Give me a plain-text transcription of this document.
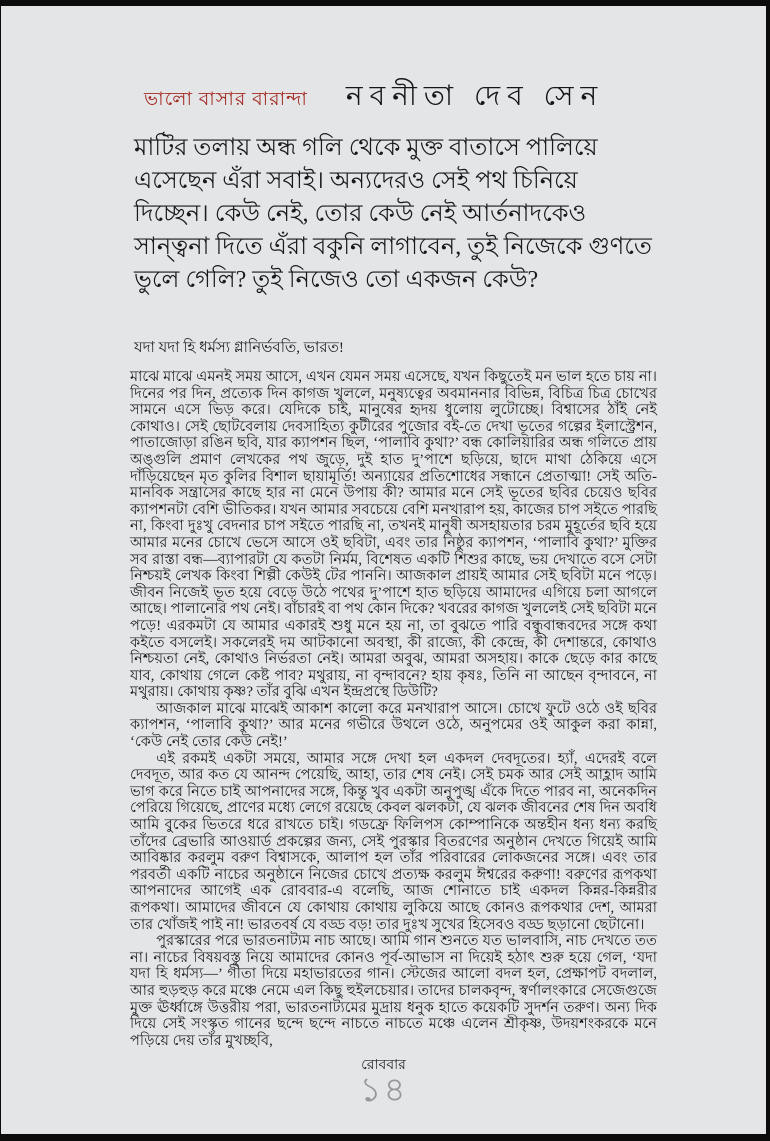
ভালো বাসার বারান্দা নবনীতা দেব সেন
মাটির তলায় অন্ধ গলি থেকে মুক্ত বাতাসে পালিয়ে এসেছেন এঁরা সবাই। অন্যদেরও সেই পথ চিনিয়ে দিচ্ছেন। কেউ নেই, তোর কেউ নেই আর্তনাদকেও সান্ত্বনা দিতে এঁরা বকুনি লাগাবেন, তুই নিজেকে গুণতে ভুলে গেলি? তুই নিজেও তো একজন কেউ?
যদা যদা হি ধর্মস্য গ্লানির্ভবতি, ভারত!

মাঝে মাঝে এমনই সময় আসে, এখন যেমন সময় এসেছে, যখন কিছুতেই মন ভাল হতে চায় না। দিনের পর দিন, প্রত্যেক দিন কাগজ খুললে, মনুষ্যত্বের অবমাননার বিভিন্ন, বিচিত্র চিত্র চোখের সামনে এসে ভিড় করে। যেদিকে চাই, মানুষের হৃদয় ধুলোয় লুটোচ্ছে। বিশ্বাসের ঠাঁই নেই কোথাও। সেই ছোটবেলায় দেবসাহিত্য কুটীরের পুজোর বই-তে দেখা ভূতের গল্পের ইলাস্ট্রেশন, পাতাজোড়া রঙিন ছবি, যার ক্যাপশন ছিল, ‘পালাবি কুথা?’ বন্ধ কোলিয়ারির অন্ধ গলিতে প্রায় অঙ্গুলি প্রমাণ লেখকের পথ জুড়ে, দুই হাত দু’পাশে ছড়িয়ে, ছাদে মাথা ঠেকিয়ে এসে দাঁড়িয়েছেন মৃত কুলির বিশাল ছায়ামূর্তি! অন্যায়ের প্রতিশোধের সন্ধানে প্রেতাত্মা! সেই অতি-মানবিক সন্ত্রাসের কাছে হার না মেনে উপায় কী? আমার মনে সেই ভূতের ছবির চেয়েও ছবির ক্যাপশনটা বেশি ভীতিকর। যখন আমার সবচেয়ে বেশি মনখারাপ হয়, কাজের চাপ সইতে পারছি না, কিংবা দুঃখু বেদনার চাপ সইতে পারছি না, তখনই মানুষী অসহায়তার চরম মুহূর্তের ছবি হয়ে আমার মনের চোখে ভেসে আসে ওই ছবিটা, এবং তার নিষ্ঠুর ক্যাপশন, ‘পালাবি কুথা?’ মুক্তির সব রাস্তা বন্ধ—ব্যাপারটা যে কতটা নির্মম, বিশেষত একটি শিশুর কাছে, ভয় দেখাতে বসে সেটা নিশ্চয়ই লেখক কিংবা শিল্পী কেউই টের পাননি। আজকাল প্রায়ই আমার সেই ছবিটা মনে পড়ে। জীবন নিজেই ভূত হয়ে বেড়ে উঠে পথের দু’পাশে হাত ছড়িয়ে আমাদের এগিয়ে চলা আগলে আছে। পালানোর পথ নেই। বাঁচারই বা পথ কোন দিকে? খবরের কাগজ খুললেই সেই ছবিটা মনে পড়ে! এরকমটা যে আমার একারই শুধু মনে হয় না, তা বুঝতে পারি বন্ধুবান্ধবদের সঙ্গে কথা কইতে বসলেই। সকলেরই দম আটকানো অবস্থা, কী রাজ্যে, কী কেন্দ্রে, কী দেশান্তরে, কোথাও নিশ্চয়তা নেই, কোথাও নির্ভরতা নেই। আমরা অবুঝ, আমরা অসহায়। কাকে ছেড়ে কার কাছে যাব, কোথায় গেলে কেষ্ট পাব? মথুরায়, না বৃন্দাবনে? হায় কৃষঃ, তিনি না আছেন বৃন্দাবনে, না মথুরায়। কোথায় কৃষ্ণ? তাঁর বুঝি এখন ইন্দ্রপ্রস্থে ডিউটি?

আজকাল মাঝে মাঝেই আকাশ কালো করে মনখারাপ আসে। চোখে ফুটে ওঠে ওই ছবির ক্যাপশন, ‘পালাবি কুথা?’ আর মনের গভীরে উথলে ওঠে, অনুপমের ওই আকুল করা কান্না, ‘কেউ নেই তোর কেউ নেই!’

এই রকমই একটা সময়ে, আমার সঙ্গে দেখা হল একদল দেবদূতের। হ্যাঁ, এদেরই বলে দেবদূত, আর কত যে আনন্দ পেয়েছি, আহা, তার শেষ নেই। সেই চমক আর সেই আহ্লাদ আমি ভাগ করে নিতে চাই আপনাদের সঙ্গে, কিন্তু খুব একটা অনুপুঙ্খ এঁকে দিতে পারব না, অনেকদিন পেরিয়ে গিয়েছে, প্রাণের মধ্যে লেগে রয়েছে কেবল ঝলকটা, যে ঝলক জীবনের শেষ দিন অবধি আমি বুকের ভিতরে ধরে রাখতে চাই। গডফ্রে ফিলিপস কোম্পানিকে অন্তহীন ধন্য ধন্য করছি তাঁদের ব্রেভারি আওয়ার্ড প্রকল্পের জন্য, সেই পুরস্কার বিতরণের অনুষ্ঠান দেখতে গিয়েই আমি আবিষ্কার করলুম বরুণ বিশ্বাসকে, আলাপ হল তাঁর পরিবারের লোকজনের সঙ্গে। এবং তার পরবর্তী একটি নাচের অনুষ্ঠানে নিজের চোখে প্রত্যক্ষ করলুম ঈশ্বরের করুণা! বরুণের রূপকথা আপনাদের আগেই এক রোববার-এ বলেছি, আজ শোনাতে চাই একদল কিন্নর-কিন্নরীর রূপকথা। আমাদের জীবনে যে কোথায় কোথায় লুকিয়ে আছে কোনও রূপকথার দেশ, আমরা তার খোঁজই পাই না! ভারতবর্ষ যে বড্ড বড়! তার দুঃখ সুখের হিসেবও বড্ড ছড়ানো ছেটানো।

পুরস্কারের পরে ভারতনাট্যম নাচ আছে। আমি গান শুনতে যত ভালবাসি, নাচ দেখতে তত না। নাচের বিষয়বস্তু নিয়ে আমাদের কোনও পূর্ব-আভাস না দিয়েই হঠাৎ শুরু হয়ে গেল, ‘যদা যদা হি ধর্মস্য—’ গীতা দিয়ে মহাভারতের গান। স্টেজের আলো বদল হল, প্রেক্ষাপট বদলাল, আর হুড়হুড় করে মঞ্চে নেমে এল কিছু হুইলচেয়ার। তাদের চালকবৃন্দ, স্বর্ণালংকারে সেজেগুজে মুক্ত ঊর্ধ্বাঙ্গে উত্তরীয় পরা, ভারতনাট্যমের মুদ্রায় ধনুক হাতে কয়েকটি সুদর্শন তরুণ। অন্য দিক দিয়ে সেই সংস্কৃত গানের ছন্দে ছন্দে নাচতে নাচতে মঞ্চে এলেন শ্রীকৃষ্ণ, উদয়শংকরকে মনে পড়িয়ে দেয় তাঁর মুখচ্ছবি,

রোববার
১৪
